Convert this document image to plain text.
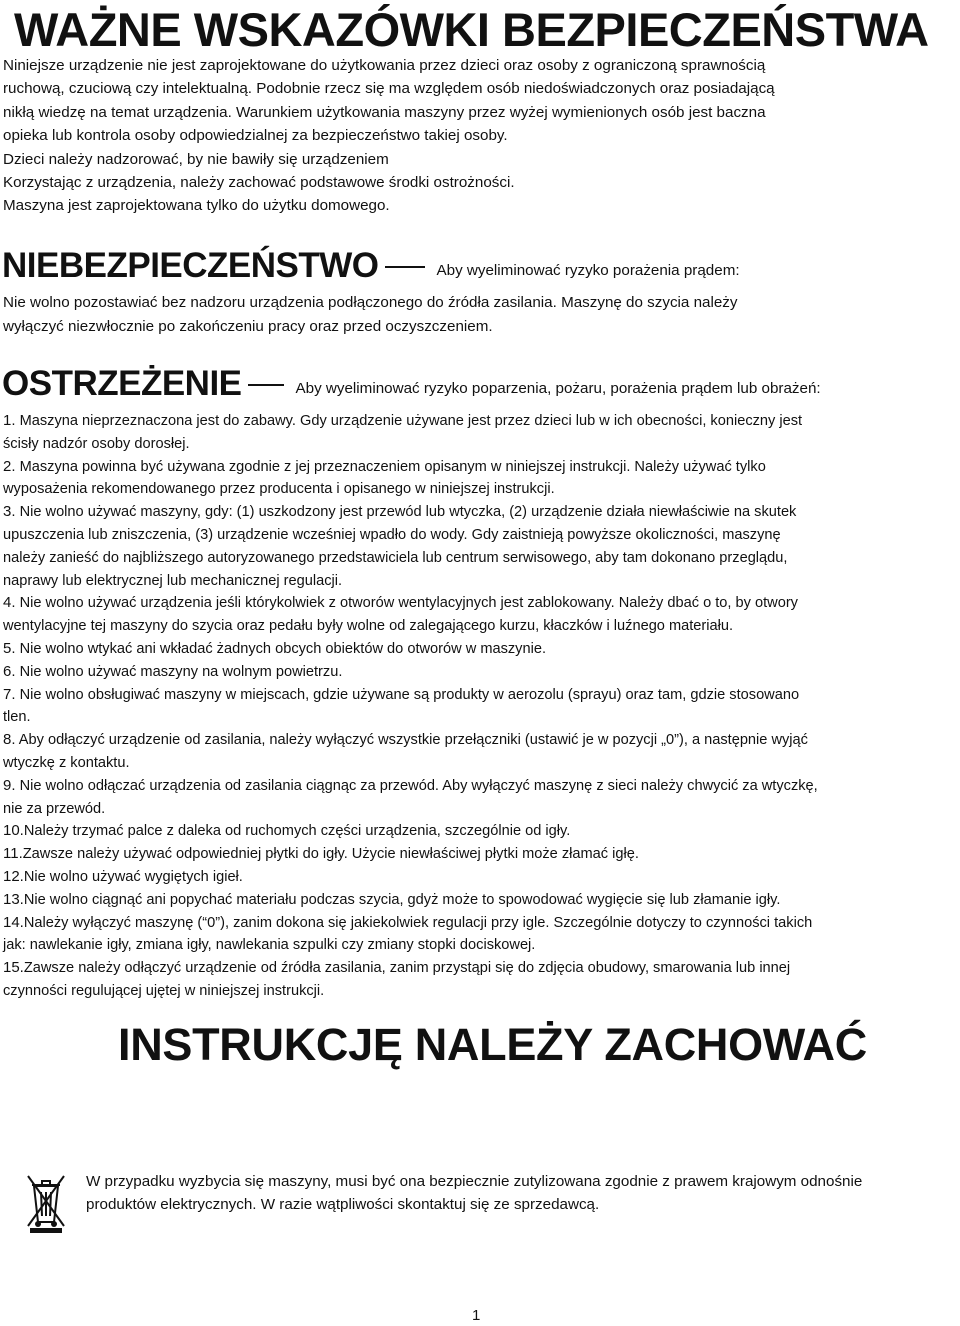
WAŻNE WSKAZÓWKI BEZPIECZEŃSTWA

Niniejsze urządzenie nie jest zaprojektowane do użytkowania przez dzieci oraz osoby z ograniczoną sprawnością

ruchową, czuciową czy intelektualną. Podobnie rzecz się ma względem osób niedoświadczonych oraz posiadającą

nikłą wiedzę na temat urządzenia. Warunkiem użytkowania maszyny przez wyżej wymienionych osób jest baczna

opieka lub kontrola osoby odpowiedzialnej za bezpieczeństwo takiej osoby.

Dzieci należy nadzorować, by nie bawiły się urządzeniem

Korzystając z urządzenia, należy zachować podstawowe środki ostrożności.

Maszyna jest zaprojektowana tylko do użytku domowego.

NIEBEZPIECZEŃSTWO	Aby wyeliminować ryzyko porażenia prądem:

Nie wolno pozostawiać bez nadzoru urządzenia podłączonego do źródła zasilania. Maszynę do szycia należy

wyłączyć niezwłocznie po zakończeniu pracy oraz przed oczyszczeniem.

OSTRZEŻENIE	Aby wyeliminować ryzyko poparzenia, pożaru, porażenia prądem lub obrażeń:

1. Maszyna nieprzeznaczona jest do zabawy. Gdy urządzenie używane jest przez dzieci lub w ich obecności, konieczny jest

ścisły nadzór osoby dorosłej.

2. Maszyna powinna być używana zgodnie z jej przeznaczeniem opisanym w niniejszej instrukcji. Należy używać tylko

wyposażenia rekomendowanego przez producenta i opisanego w niniejszej instrukcji.

3. Nie wolno używać maszyny, gdy: (1) uszkodzony jest przewód lub wtyczka, (2) urządzenie działa niewłaściwie na skutek

upuszczenia lub zniszczenia, (3) urządzenie wcześniej wpadło do wody. Gdy zaistnieją powyższe okoliczności, maszynę

należy zanieść do najbliższego autoryzowanego przedstawiciela lub centrum serwisowego, aby tam dokonano przeglądu,

naprawy lub elektrycznej lub mechanicznej regulacji.

4. Nie wolno używać urządzenia jeśli którykolwiek z otworów wentylacyjnych jest zablokowany. Należy dbać o to, by otwory

wentylacyjne tej maszyny do szycia oraz pedału były wolne od zalegającego kurzu, kłaczków i luźnego materiału.

5. Nie wolno wtykać ani wkładać żadnych obcych obiektów do otworów w maszynie.

6. Nie wolno używać maszyny na wolnym powietrzu.

7. Nie wolno obsługiwać maszyny w miejscach, gdzie używane są produkty w aerozolu (sprayu) oraz tam, gdzie stosowano

tlen.

8. Aby odłączyć urządzenie od zasilania, należy wyłączyć wszystkie przełączniki (ustawić je w pozycji „0”), a następnie wyjąć

wtyczkę z kontaktu.

9. Nie wolno odłączać urządzenia od zasilania ciągnąc za przewód. Aby wyłączyć maszynę z sieci należy chwycić za wtyczkę,

nie za przewód.

10.Należy trzymać palce z daleka od ruchomych części urządzenia, szczególnie od igły.

11.Zawsze należy używać odpowiedniej płytki do igły. Użycie niewłaściwej płytki może złamać igłę.

12.Nie wolno używać wygiętych igieł.

13.Nie wolno ciągnąć ani popychać materiału podczas szycia, gdyż może to spowodować wygięcie się lub złamanie igły.

14.Należy wyłączyć maszynę (“0”), zanim dokona się jakiekolwiek regulacji przy igle. Szczególnie dotyczy to czynności takich

jak: nawlekanie igły, zmiana igły, nawlekania szpulki czy zmiany stopki dociskowej.

15.Zawsze należy odłączyć urządzenie od źródła zasilania, zanim przystąpi się do zdjęcia obudowy, smarowania lub innej

czynności regulującej ujętej w niniejszej instrukcji.

INSTRUKCJĘ NALEŻY ZACHOWAĆ
W przypadku wyzbycia się maszyny, musi być ona bezpiecznie zutylizowana zgodnie z prawem krajowym odnośnie
produktów elektrycznych. W razie wątpliwości skontaktuj się ze sprzedawcą.
1
